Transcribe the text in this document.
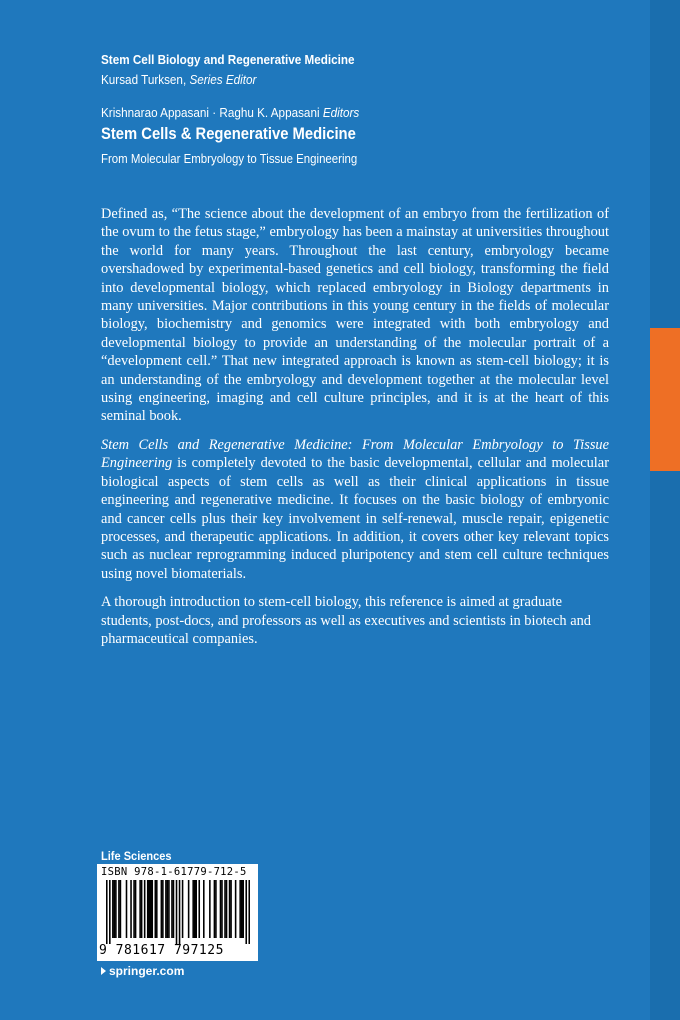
Stem Cell Biology and Regenerative Medicine
Kursad Turksen, Series Editor
Krishnarao Appasani · Raghu K. Appasani Editors
Stem Cells & Regenerative Medicine
From Molecular Embryology to Tissue Engineering

Defined as, “The science about the development of an embryo from the fertilization of the ovum to the fetus stage,” embryology has been a mainstay at universities throughout the world for many years. Throughout the last century, embryology became overshadowed by experimental-based genetics and cell biology, transforming the field into developmental biology, which replaced embryology in Biology departments in many universities. Major contributions in this young century in the fields of molecular biology, biochemistry and genomics were integrated with both embryology and developmental biology to provide an understanding of the molecular portrait of a “development cell.” That new integrated approach is known as stem-cell biology; it is an understanding of the embryology and development together at the molecular level using engineering, imaging and cell culture principles, and it is at the heart of this seminal book.

Stem Cells and Regenerative Medicine: From Molecular Embryology to Tissue Engineering is completely devoted to the basic developmental, cellular and molecular biological aspects of stem cells as well as their clinical applications in tissue engineering and regenerative medicine. It focuses on the basic biology of embryonic and cancer cells plus their key involvement in self-renewal, muscle repair, epigenetic processes, and therapeutic applications. In addition, it covers other key relevant topics such as nuclear reprogramming induced pluripotency and stem cell culture techniques using novel biomaterials.

A thorough introduction to stem-cell biology, this reference is aimed at graduate students, post-docs, and professors as well as executives and scientists in biotech and pharmaceutical companies.

Life Sciences
ISBN 978-1-61779-712-5
9 781617 797125
springer.com
